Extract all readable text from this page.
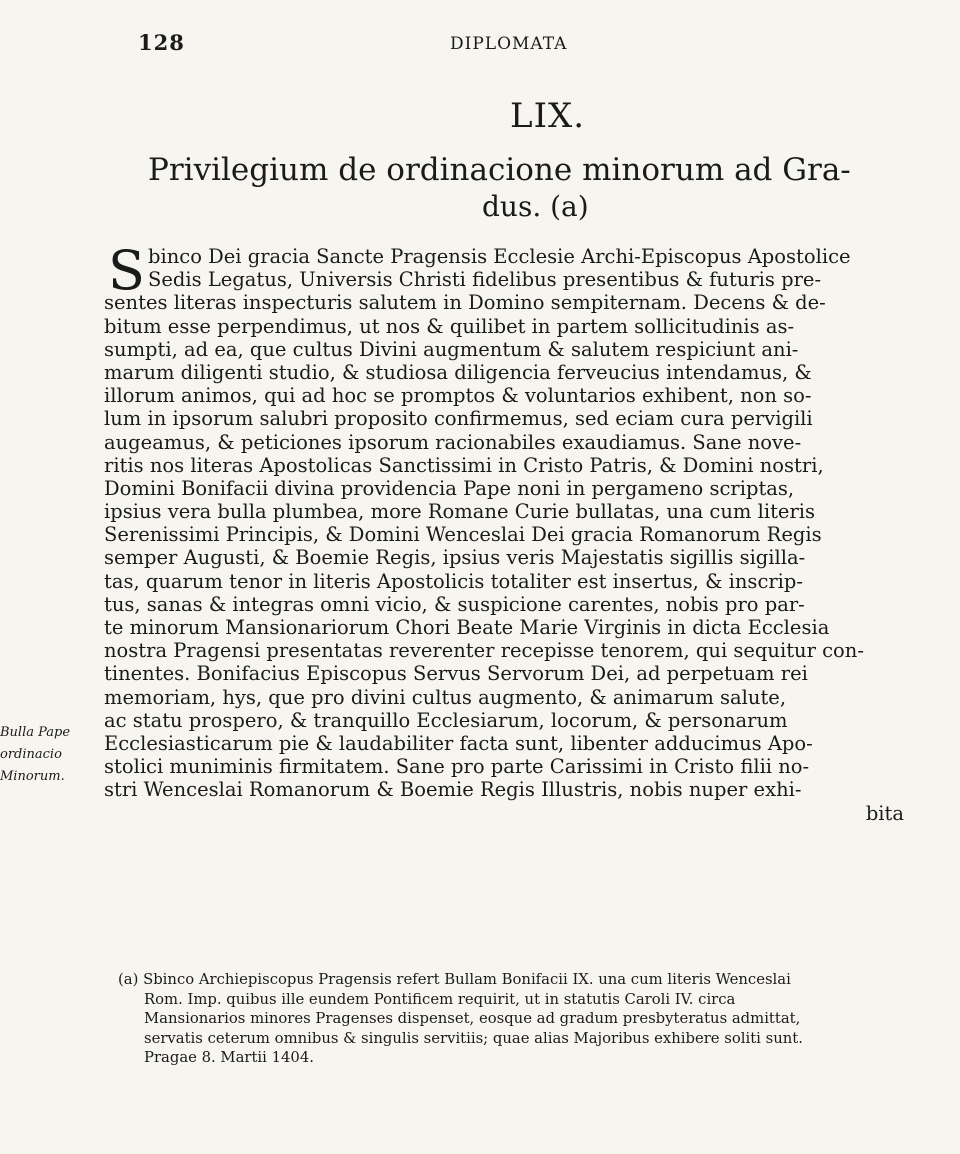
128	DIPLOMATA
LIX.
Privilegium de ordinacione minorum ad Gra-
dus. (a)
S binco Dei gracia Sancte Pragensis Ecclesie Archi-Episcopus Apostolice
Sedis Legatus, Universis Christi fidelibus presentibus & futuris pre-
sentes literas inspecturis salutem in Domino sempiternam. Decens & de-
bitum esse perpendimus, ut nos & quilibet in partem sollicitudinis as-
sumpti, ad ea, que cultus Divini augmentum & salutem respiciunt ani-
marum diligenti studio, & studiosa diligencia ferveucius intendamus, &
illorum animos, qui ad hoc se promptos & voluntarios exhibent, non so-
lum in ipsorum salubri proposito confirmemus, sed eciam cura pervigili
augeamus, & peticiones ipsorum racionabiles exaudiamus. Sane nove-
ritis nos literas Apostolicas Sanctissimi in Cristo Patris, & Domini nostri,
Domini Bonifacii divina providencia Pape noni in pergameno scriptas,
ipsius vera bulla plumbea, more Romane Curie bullatas, una cum literis
Serenissimi Principis, & Domini Wenceslai Dei gracia Romanorum Regis
semper Augusti, & Boemie Regis, ipsius veris Majestatis sigillis sigilla-
tas, quarum tenor in literis Apostolicis totaliter est insertus, & inscrip-
tus, sanas & integras omni vicio, & suspicione carentes, nobis pro par-
te minorum Mansionariorum Chori Beate Marie Virginis in dicta Ecclesia
nostra Pragensi presentatas reverenter recepisse tenorem, qui sequitur con-
tinentes. Bonifacius Episcopus Servus Servorum Dei, ad perpetuam rei
memoriam, hys, que pro divini cultus augmento, & animarum salute,
ac statu prospero, & tranquillo Ecclesiarum, locorum, & personarum
Ecclesiasticarum pie & laudabiliter facta sunt, libenter adducimus Apo-
stolici muniminis firmitatem. Sane pro parte Carissimi in Cristo filii no-
stri Wenceslai Romanorum & Boemie Regis Illustris, nobis nuper exhi-
bita
Bulla Pape
ordinacio
Minorum.
(a) Sbinco Archiepiscopus Pragensis refert Bullam Bonifacii IX. una cum literis Wenceslai
Rom. Imp. quibus ille eundem Pontificem requirit, ut in statutis Caroli IV. circa
Mansionarios minores Pragenses dispenset, eosque ad gradum presbyteratus admittat,
servatis ceterum omnibus & singulis servitiis; quae alias Majoribus exhibere soliti sunt.
Pragae 8. Martii 1404.
